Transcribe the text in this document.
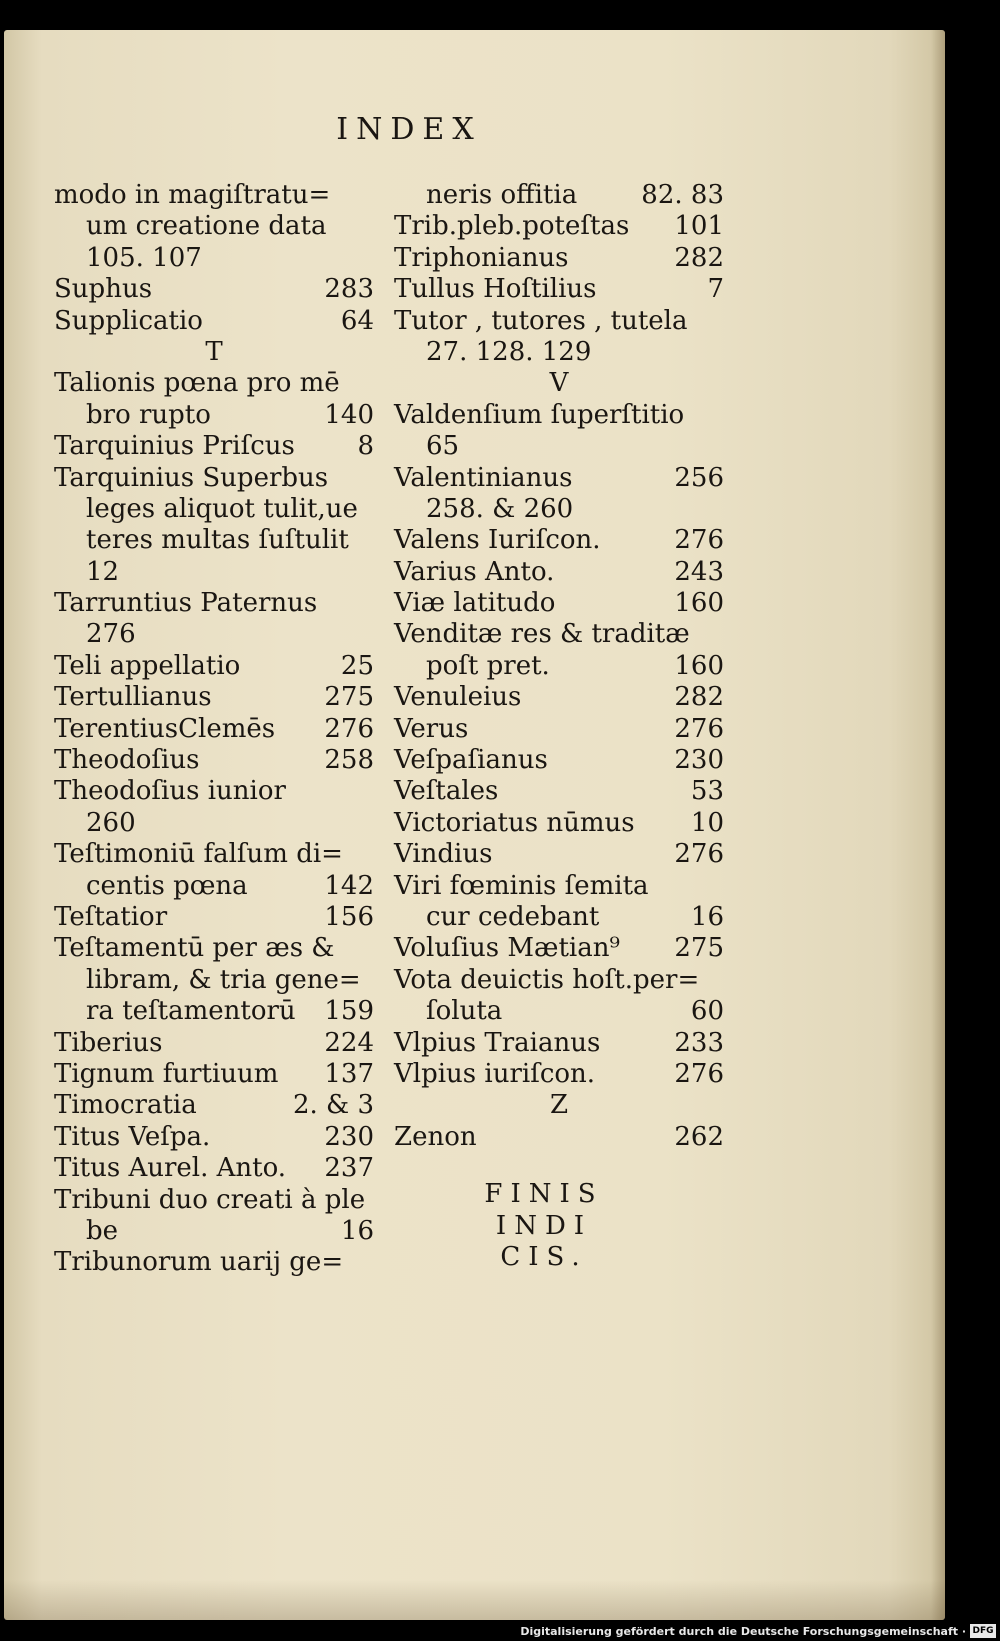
INDEX
modo in magiſtratu=
um creatione data
105. 107
Suphus	283
Supplicatio	64
T
Talionis pœna pro mē
bro rupto	140
Tarquinius Priſcus 8
Tarquinius Superbus
leges aliquot tulit,ue
teres multas ſuſtulit
12
Tarruntius Paternus
276
Teli appellatio	25
Tertullianus	275
TerentiusClemēs 276
Theodoſius	258
Theodoſius iunior
260
Teſtimoniū falſum di=
centis pœna	142
Teſtatior	156
Teſtamentū per æs &
libram, & tria gene=
ra teſtamentorū 159
Tiberius	224
Tignum furtiuum 137
Timocratia	2. & 3
Titus Veſpa.	230
Titus Aurel. Anto. 237
Tribuni duo creati à ple
be	16
Tribunorum uarij ge=
neris offitia 82. 83
Trib.pleb.poteſtas 101
Triphonianus	282
Tullus Hoſtilius	7
Tutor , tutores , tutela
27. 128. 129
V
Valdenſium ſuperſtitio
65
Valentinianus	256
258. & 260
Valens Iuriſcon.	276
Varius Anto.	243
Viæ latitudo	160
Venditæ res & traditæ
poſt pret.	160
Venuleius	282
Verus	276
Veſpaſianus	230
Veſtales	53
Victoriatus nūmus 10
Vindius	276
Viri fœminis ſemita
cur cedebant	16
Voluſius Mætian⁹ 275
Vota deuictis hoſt.per=
ſoluta	60
Vlpius Traianus	233
Vlpius iuriſcon.	276
Z
Zenon	262
FINIS
INDI
CIS.
Digitalisierung gefördert durch die Deutsche Forschungsgemeinschaft · DFG
